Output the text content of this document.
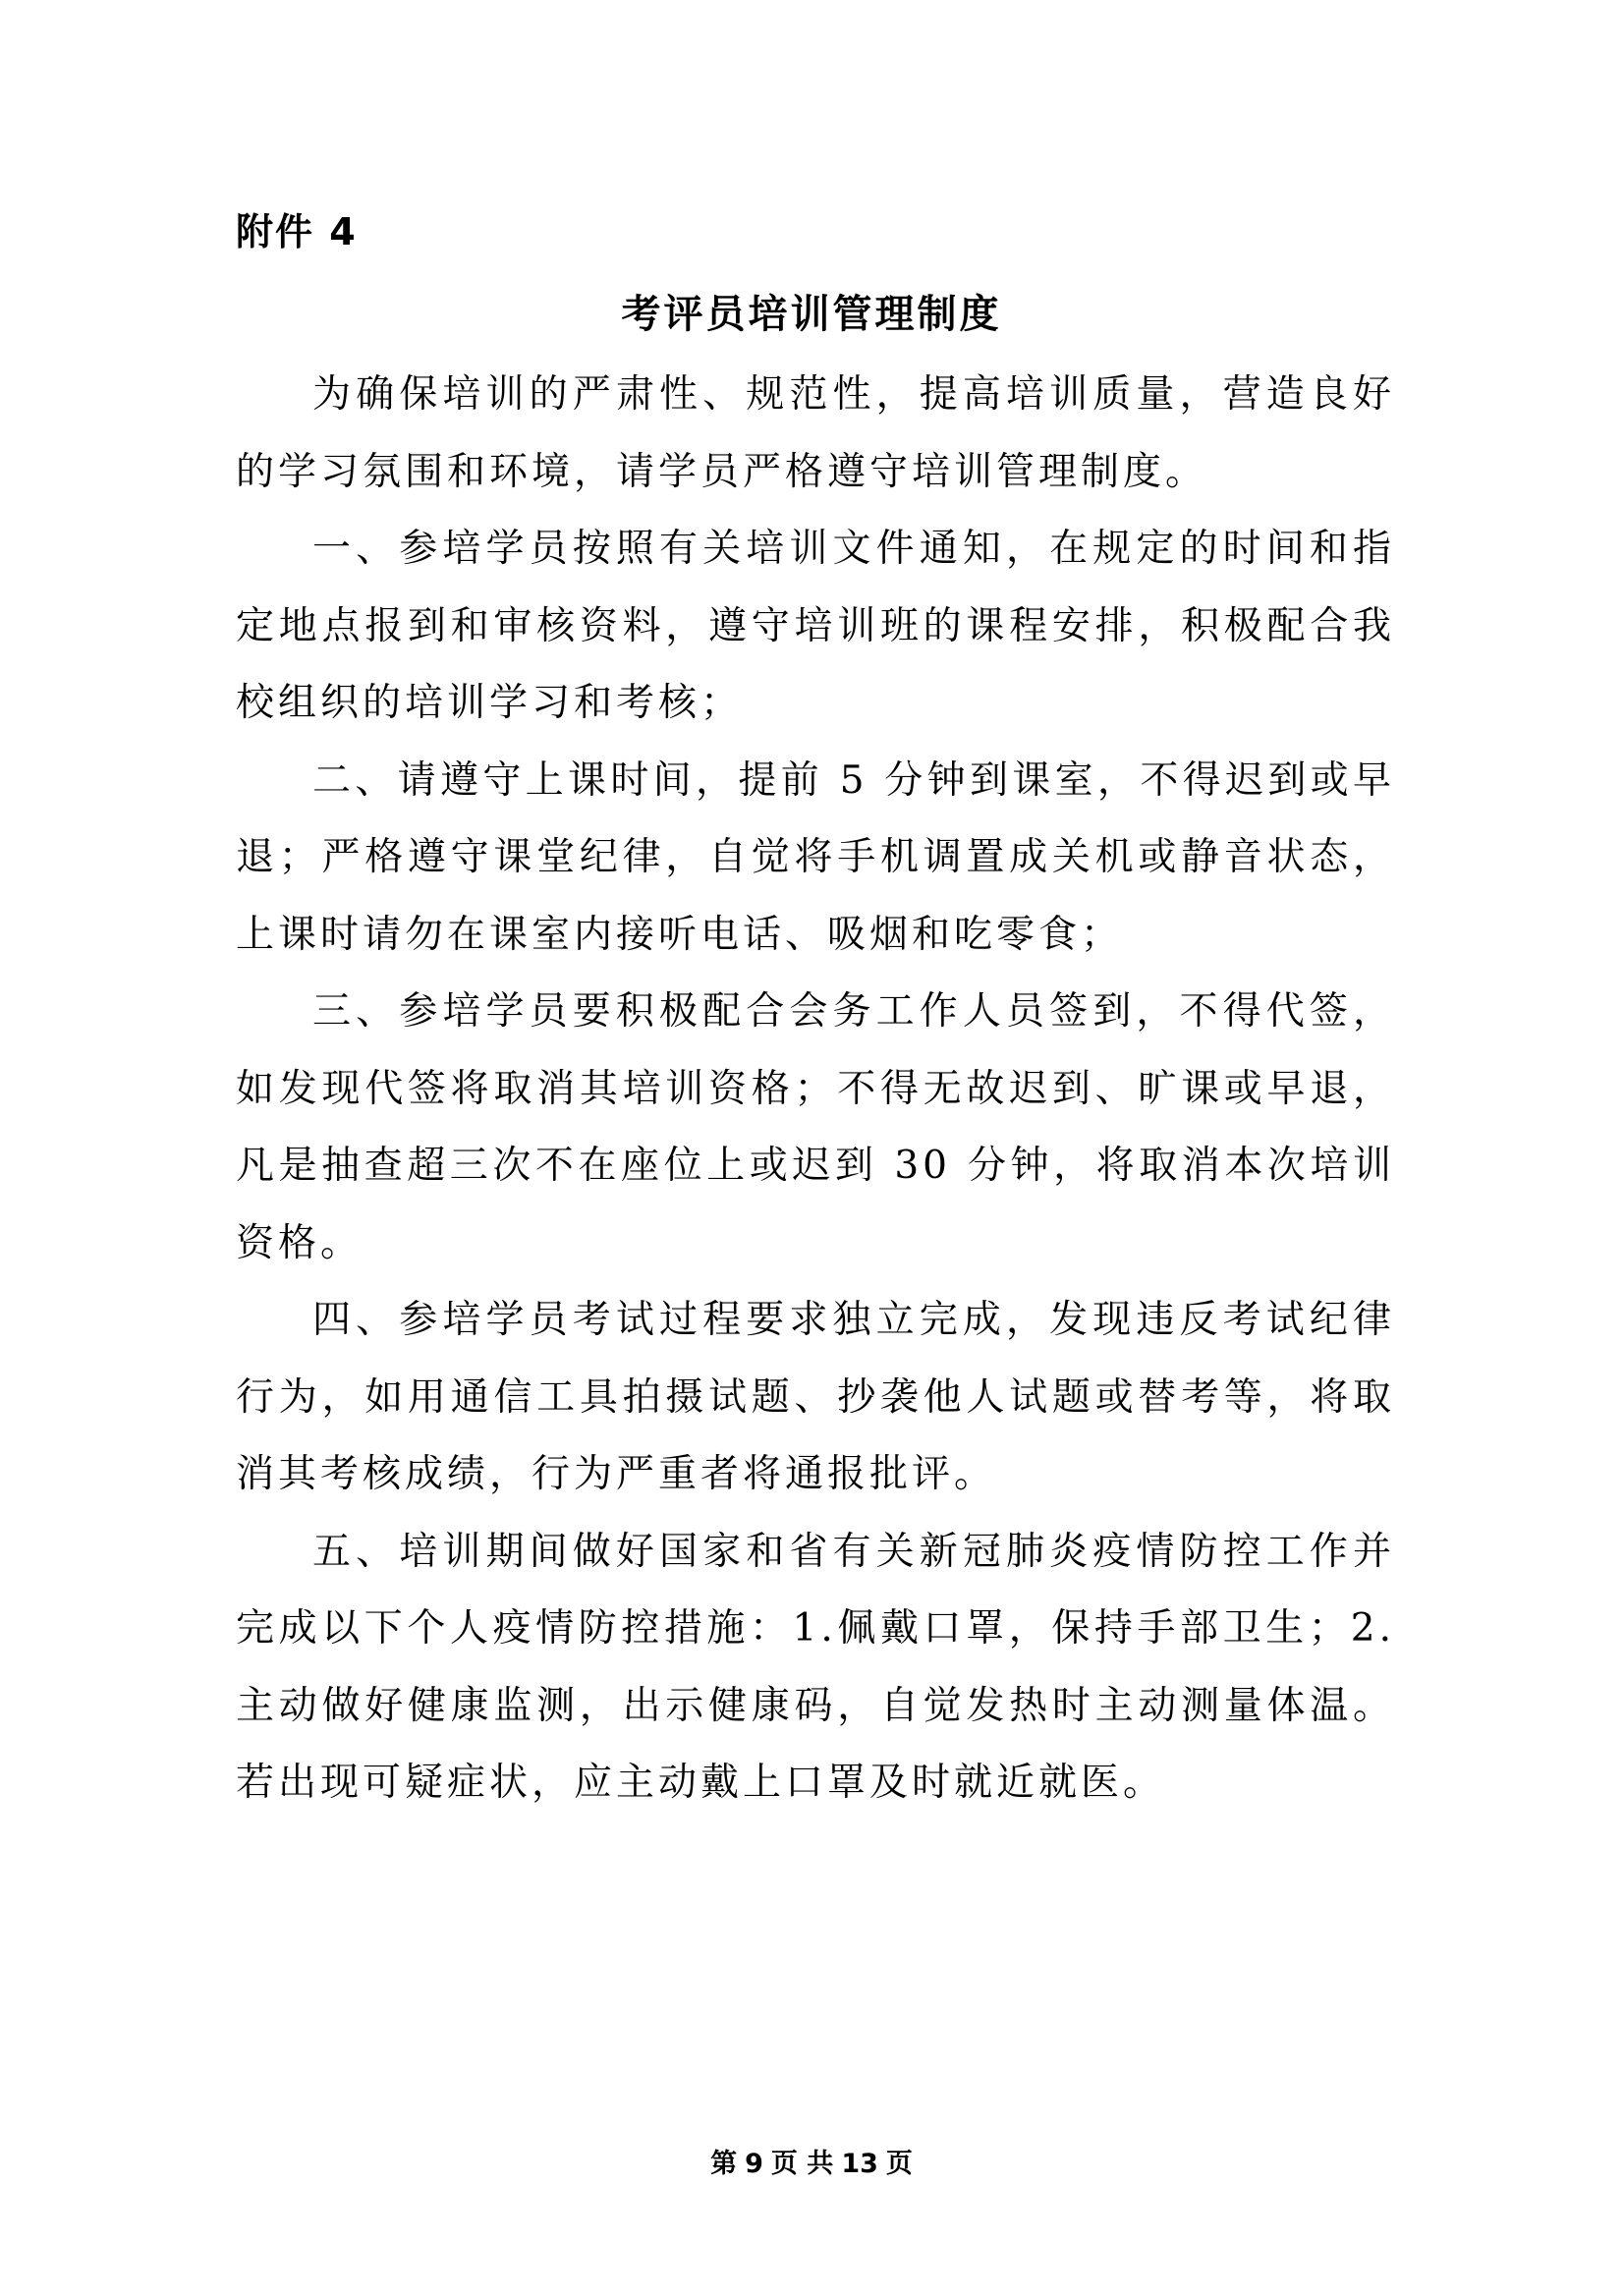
附件 4
考评员培训管理制度

为确保培训的严肃性、规范性，提高培训质量，营造良好的学习氛围和环境，请学员严格遵守培训管理制度。

一、参培学员按照有关培训文件通知，在规定的时间和指定地点报到和审核资料，遵守培训班的课程安排，积极配合我校组织的培训学习和考核；

二、请遵守上课时间，提前 5 分钟到课室，不得迟到或早退；严格遵守课堂纪律，自觉将手机调置成关机或静音状态，上课时请勿在课室内接听电话、吸烟和吃零食；

三、参培学员要积极配合会务工作人员签到，不得代签，如发现代签将取消其培训资格；不得无故迟到、旷课或早退，凡是抽查超三次不在座位上或迟到 30 分钟，将取消本次培训资格。

四、参培学员考试过程要求独立完成，发现违反考试纪律行为，如用通信工具拍摄试题、抄袭他人试题或替考等，将取消其考核成绩，行为严重者将通报批评。

五、培训期间做好国家和省有关新冠肺炎疫情防控工作并完成以下个人疫情防控措施：1.佩戴口罩，保持手部卫生；2.主动做好健康监测，出示健康码，自觉发热时主动测量体温。若出现可疑症状，应主动戴上口罩及时就近就医。

第 9 页 共 13 页
